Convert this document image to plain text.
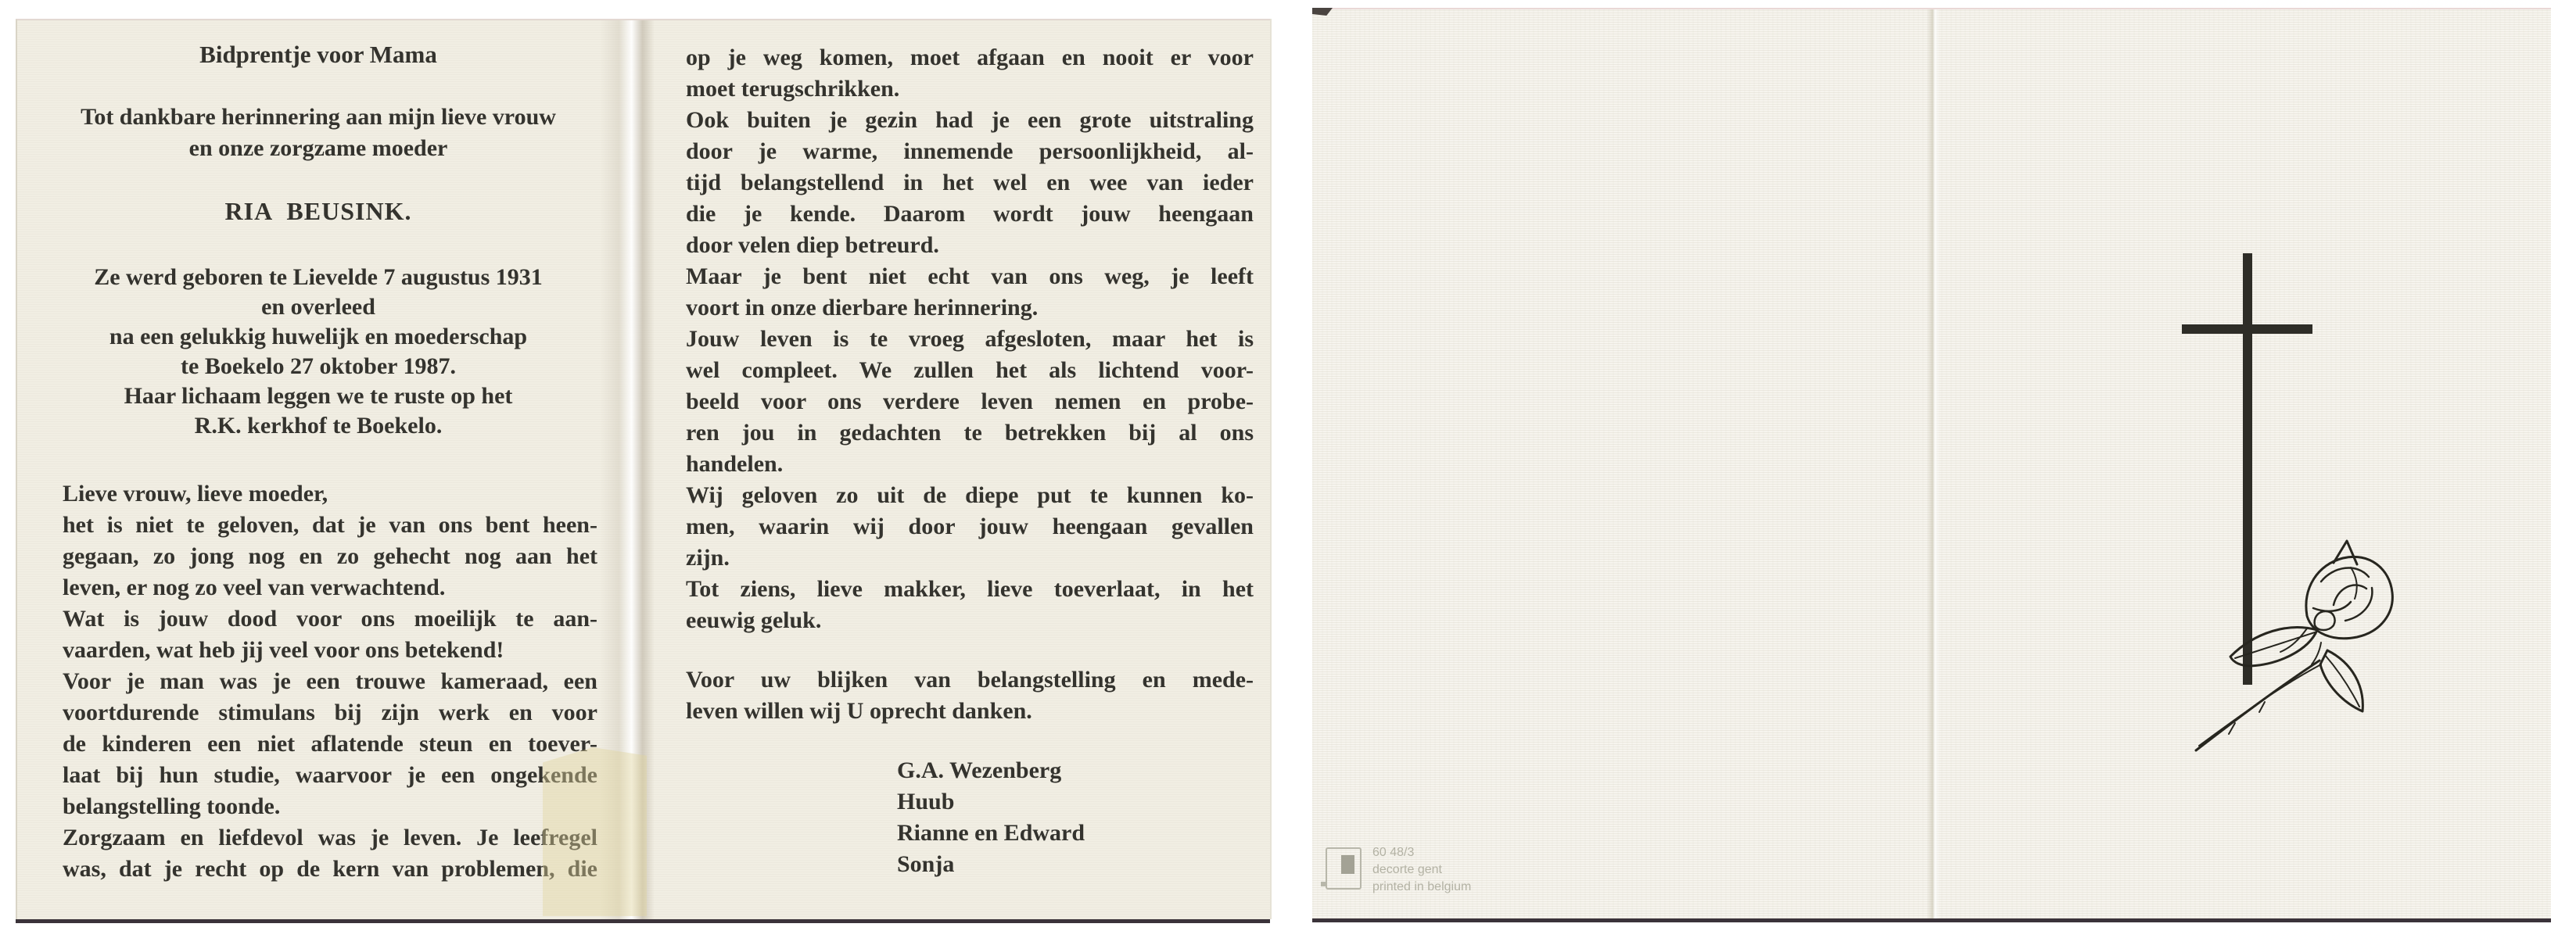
Bidprentje voor Mama
Tot dankbare herinnering aan mijn lieve vrouw
en onze zorgzame moeder
RIA BEUSINK.
Ze werd geboren te Lievelde 7 augustus 1931
en overleed
na een gelukkig huwelijk en moederschap
te Boekelo 27 oktober 1987.
Haar lichaam leggen we te ruste op het
R.K. kerkhof te Boekelo.
Lieve vrouw, lieve moeder,
het is niet te geloven, dat je van ons bent heen-
gegaan, zo jong nog en zo gehecht nog aan het
leven, er nog zo veel van verwachtend.
Wat is jouw dood voor ons moeilijk te aan-
vaarden, wat heb jij veel voor ons betekend!
Voor je man was je een trouwe kameraad, een
voortdurende stimulans bij zijn werk en voor
de kinderen een niet aflatende steun en toever-
laat bij hun studie, waarvoor je een ongekende
belangstelling toonde.
Zorgzaam en liefdevol was je leven. Je leefregel
was, dat je recht op de kern van problemen, die
op je weg komen, moet afgaan en nooit er voor
moet terugschrikken.
Ook buiten je gezin had je een grote uitstraling
door je warme, innemende persoonlijkheid, al-
tijd belangstellend in het wel en wee van ieder
die je kende. Daarom wordt jouw heengaan
door velen diep betreurd.
Maar je bent niet echt van ons weg, je leeft
voort in onze dierbare herinnering.
Jouw leven is te vroeg afgesloten, maar het is
wel compleet. We zullen het als lichtend voor-
beeld voor ons verdere leven nemen en probe-
ren jou in gedachten te betrekken bij al ons
handelen.
Wij geloven zo uit de diepe put te kunnen ko-
men, waarin wij door jouw heengaan gevallen
zijn.
Tot ziens, lieve makker, lieve toeverlaat, in het
eeuwig geluk.
Voor uw blijken van belangstelling en mede-
leven willen wij U oprecht danken.
G.A. Wezenberg
Huub
Rianne en Edward
Sonja	60 48/3
decorte gent
printed in belgium
